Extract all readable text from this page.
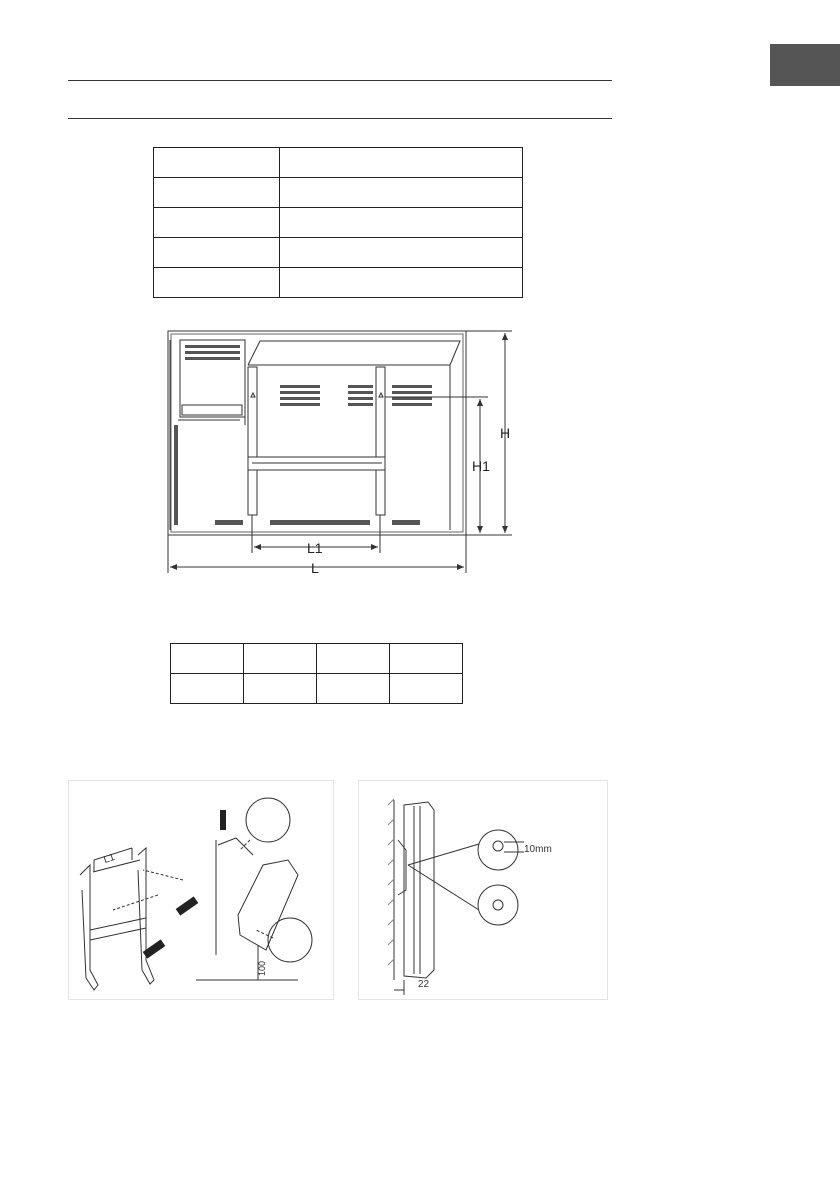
H
H1
L1
L

L1
100
10mm
22
